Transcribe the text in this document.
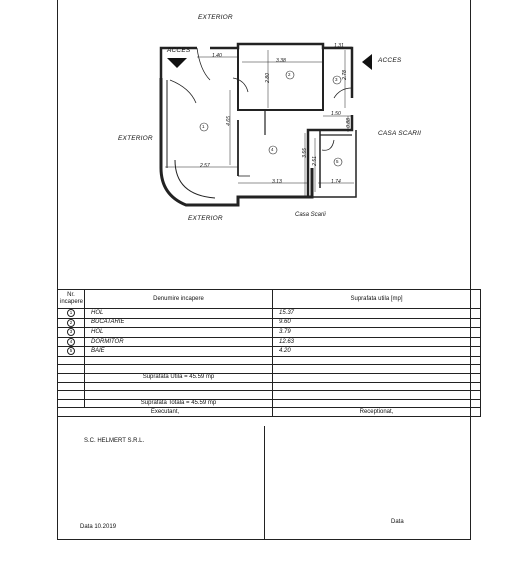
EXTERIOR
EXTERIOR
EXTERIOR
ACCES
ACCES
CASA SCARII
Casa Scarii
1.40
3.38
1.31
2.80	2.78
1.50
0.88
4.65
3.55
2.51
2.57
3.13	1.74
1
2
3
4
5
Nr. incapere	Denumire incapere	Suprafata utila [mp]
1	HOL	15.37
2	BUCATARIE	9.60
3	HOL	3.79
4	DORMITOR	12.63
5	BAIE	4.20

	Suprafata Utila = 45.59 mp	

	Suprafata Totala = 45.59 mp	
Executant,		Receptionat,
S.C. HELMERT S.R.L.
Data 10.2019
Data
